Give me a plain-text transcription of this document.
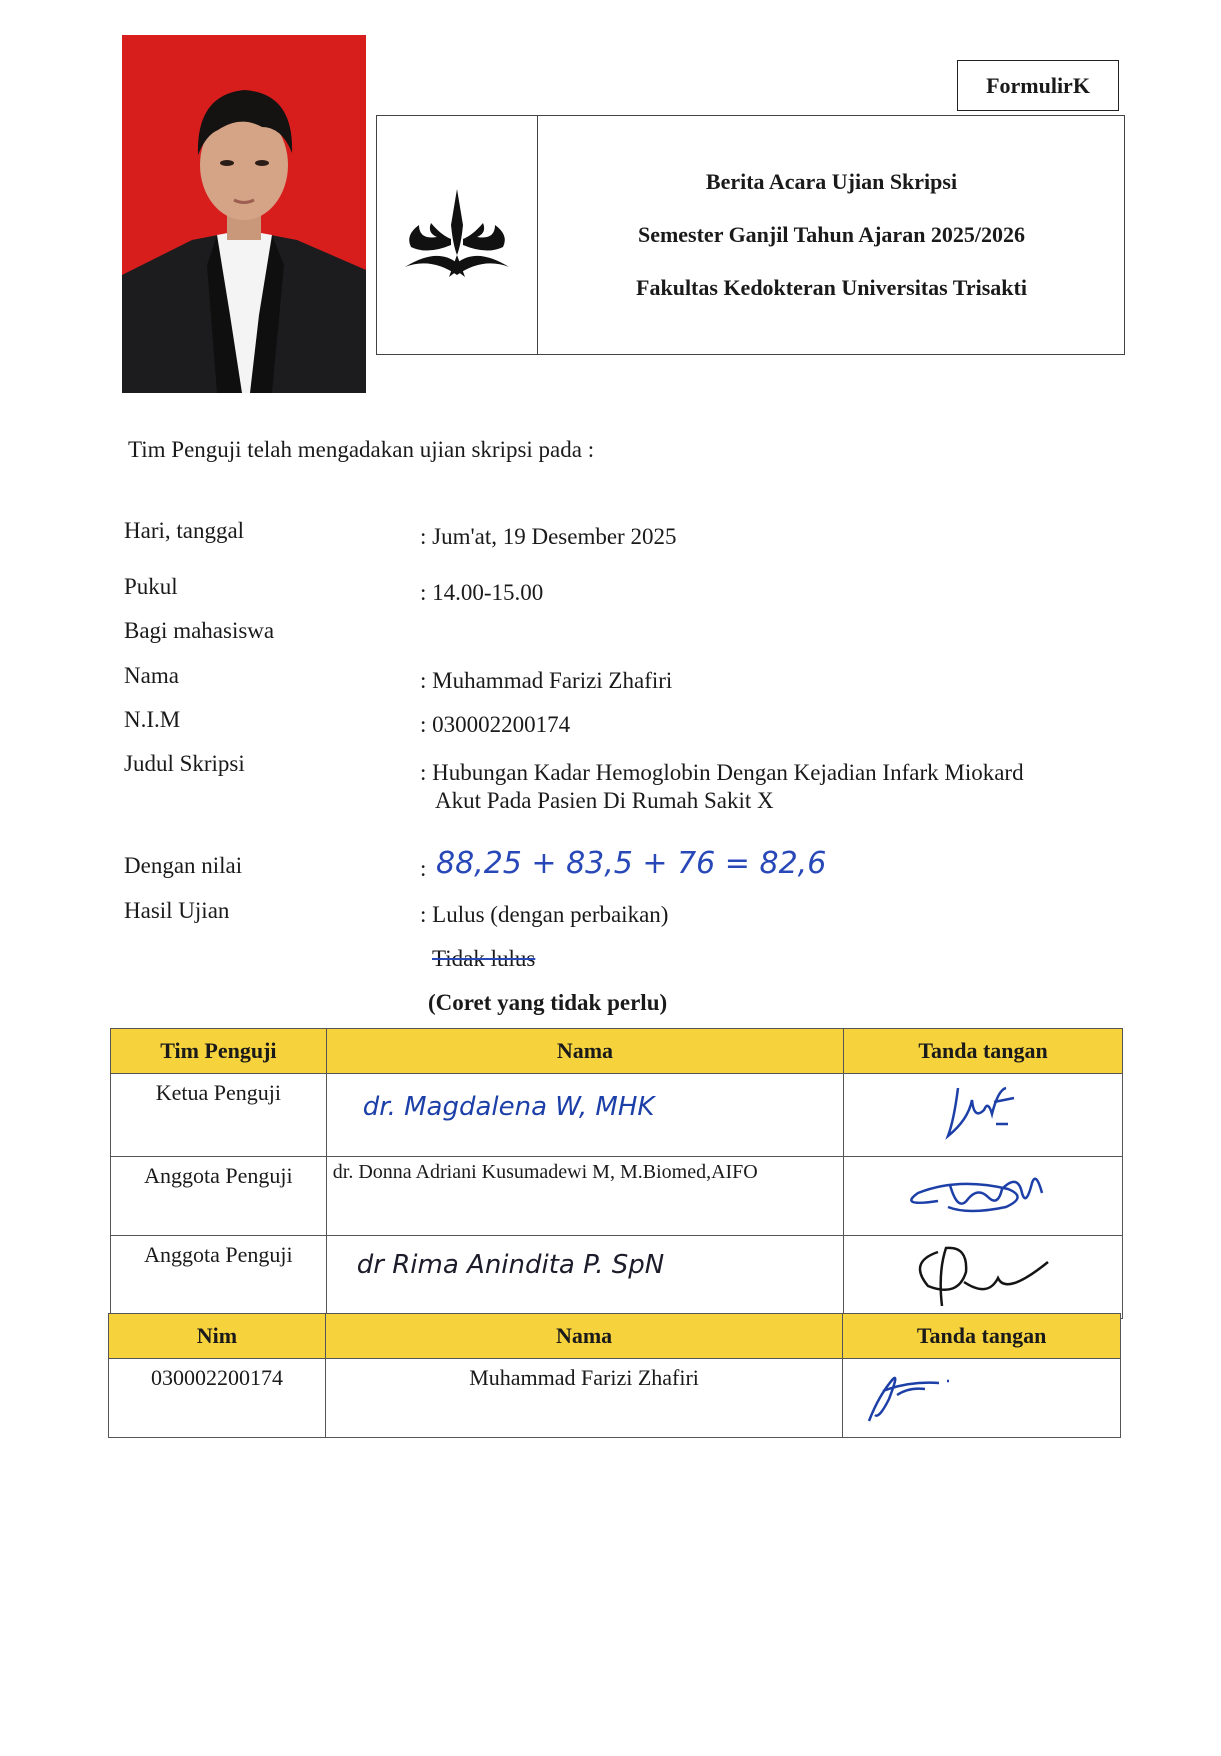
FormulirK
Berita Acara Ujian Skripsi
Semester Ganjil Tahun Ajaran 2025/2026
Fakultas Kedokteran Universitas Trisakti
Tim Penguji telah mengadakan ujian skripsi pada :
Hari, tanggal	: Jum'at, 19 Desember 2025
Pukul	: 14.00-15.00
Bagi mahasiswa
Nama	: Muhammad Farizi Zhafiri
N.I.M	: 030002200174
Judul Skripsi	: Hubungan Kadar Hemoglobin Dengan Kejadian Infark Miokard
Akut Pada Pasien Di Rumah Sakit X
Dengan nilai	: 88,25 + 83,5 + 76 = 82,6
Hasil Ujian	: Lulus (dengan perbaikan)
Tidak lulus
(Coret yang tidak perlu)
Tim Penguji	Nama	Tanda tangan
Ketua Penguji	dr. Magdalena W, MHK	
Anggota Penguji	dr. Donna Adriani Kusumadewi M, M.Biomed,AIFO	
Anggota Penguji	dr Rima Anindita P. SpN	
Nim	Nama	Tanda tangan
030002200174	Muhammad Farizi Zhafiri	
